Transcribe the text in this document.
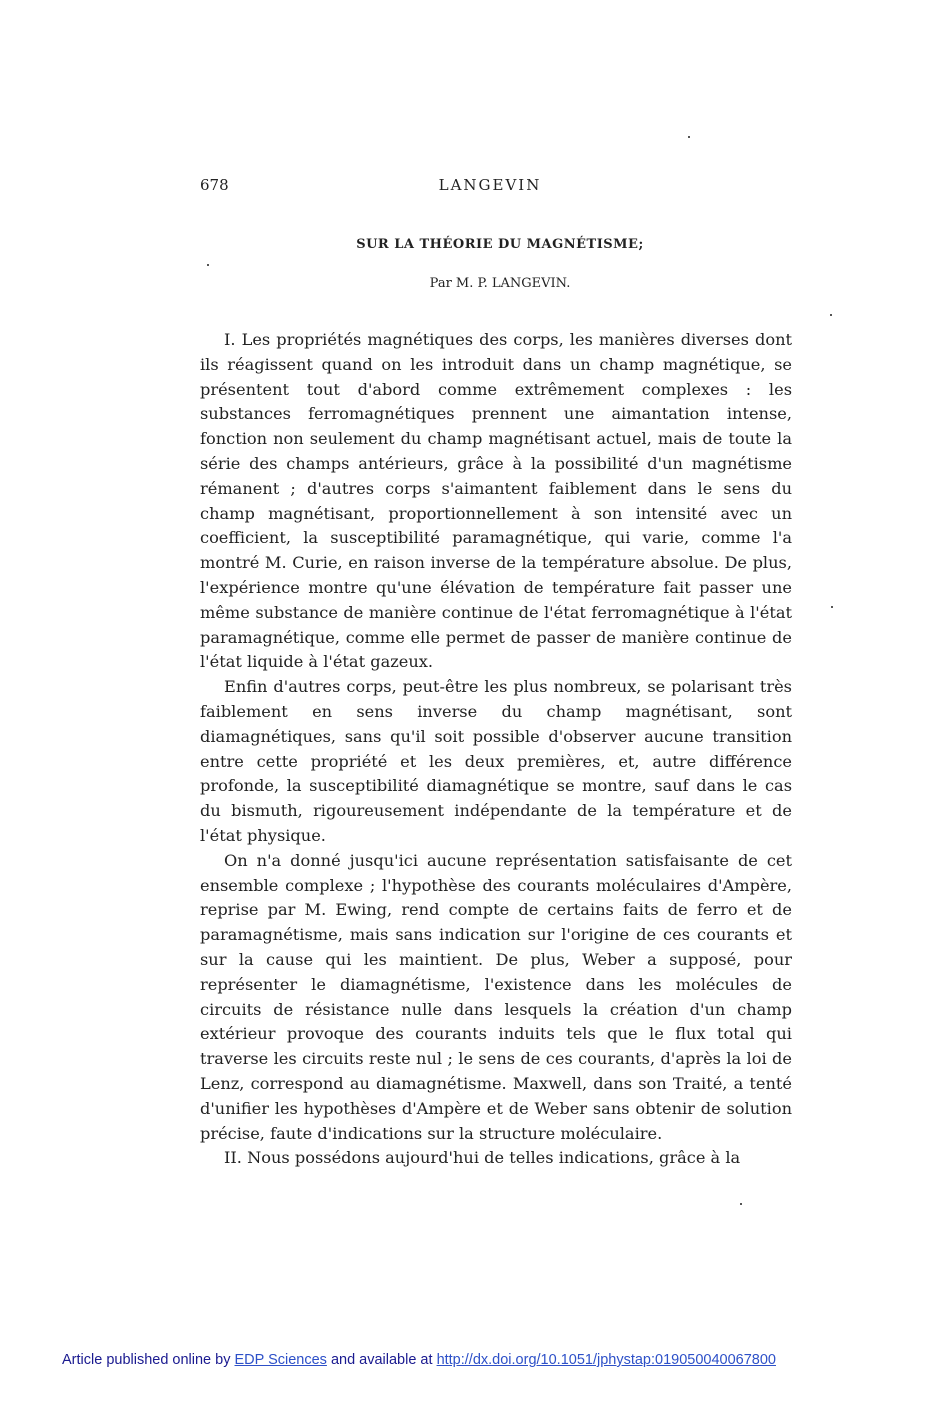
678	LANGEVIN
SUR LA THÉORIE DU MAGNÉTISME;
Par M. P. LANGEVIN.

I. Les propriétés magnétiques des corps, les manières diverses dont ils réagissent quand on les introduit dans un champ magnétique, se présentent tout d'abord comme extrêmement complexes : les substances ferromagnétiques prennent une aimantation intense, fonction non seulement du champ magnétisant actuel, mais de toute la série des champs antérieurs, grâce à la possibilité d'un magnétisme rémanent ; d'autres corps s'aimantent faiblement dans le sens du champ magnétisant, proportionnellement à son intensité avec un coefficient, la susceptibilité paramagnétique, qui varie, comme l'a montré M. Curie, en raison inverse de la température absolue. De plus, l'expérience montre qu'une élévation de température fait passer une même substance de manière continue de l'état ferromagnétique à l'état paramagnétique, comme elle permet de passer de manière continue de l'état liquide à l'état gazeux.

Enfin d'autres corps, peut-être les plus nombreux, se polarisant très faiblement en sens inverse du champ magnétisant, sont diamagnétiques, sans qu'il soit possible d'observer aucune transition entre cette propriété et les deux premières, et, autre différence profonde, la susceptibilité diamagnétique se montre, sauf dans le cas du bismuth, rigoureusement indépendante de la température et de l'état physique.

On n'a donné jusqu'ici aucune représentation satisfaisante de cet ensemble complexe ; l'hypothèse des courants moléculaires d'Ampère, reprise par M. Ewing, rend compte de certains faits de ferro et de paramagnétisme, mais sans indication sur l'origine de ces courants et sur la cause qui les maintient. De plus, Weber a supposé, pour représenter le diamagnétisme, l'existence dans les molécules de circuits de résistance nulle dans lesquels la création d'un champ extérieur provoque des courants induits tels que le flux total qui traverse les circuits reste nul ; le sens de ces courants, d'après la loi de Lenz, correspond au diamagnétisme. Maxwell, dans son Traité, a tenté d'unifier les hypothèses d'Ampère et de Weber sans obtenir de solution précise, faute d'indications sur la structure moléculaire.

II. Nous possédons aujourd'hui de telles indications, grâce à la

Article published online by EDP Sciences and available at http://dx.doi.org/10.1051/jphystap:019050040067800
